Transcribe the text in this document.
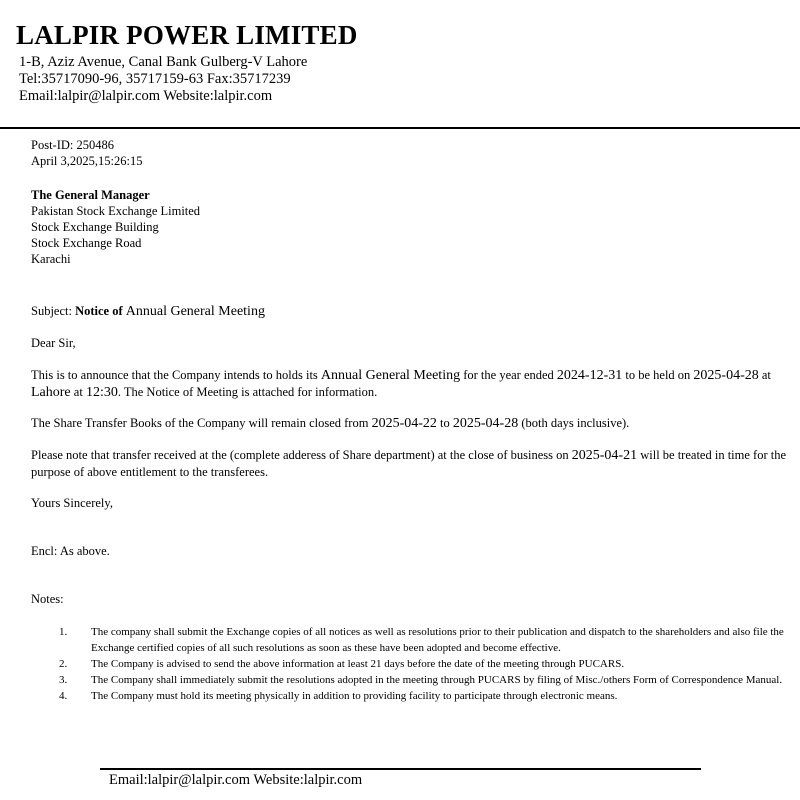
LALPIR POWER LIMITED
1-B, Aziz Avenue, Canal Bank Gulberg-V Lahore
Tel:35717090-96, 35717159-63 Fax:35717239
Email:lalpir@lalpir.com Website:lalpir.com
Post-ID: 250486
April 3,2025,15:26:15
The General Manager
Pakistan Stock Exchange Limited
Stock Exchange Building
Stock Exchange Road
Karachi
Subject: Notice of Annual General Meeting
Dear Sir,
This is to announce that the Company intends to holds its Annual General Meeting for the year ended 2024-12-31 to be held on 2025-04-28 at Lahore at 12:30. The Notice of Meeting is attached for information.
The Share Transfer Books of the Company will remain closed from 2025-04-22 to 2025-04-28 (both days inclusive).
Please note that transfer received at the (complete adderess of Share department) at the close of business on 2025-04-21 will be treated in time for the purpose of above entitlement to the transferees.
Yours Sincerely,
Encl: As above.
Notes:
1. The company shall submit the Exchange copies of all notices as well as resolutions prior to their publication and dispatch to the shareholders and also file the Exchange certified copies of all such resolutions as soon as these have been adopted and become effective.
2. The Company is advised to send the above information at least 21 days before the date of the meeting through PUCARS.
3. The Company shall immediately submit the resolutions adopted in the meeting through PUCARS by filing of Misc./others Form of Correspondence Manual.
4. The Company must hold its meeting physically in addition to providing facility to participate through electronic means.
Email:lalpir@lalpir.com Website:lalpir.com
